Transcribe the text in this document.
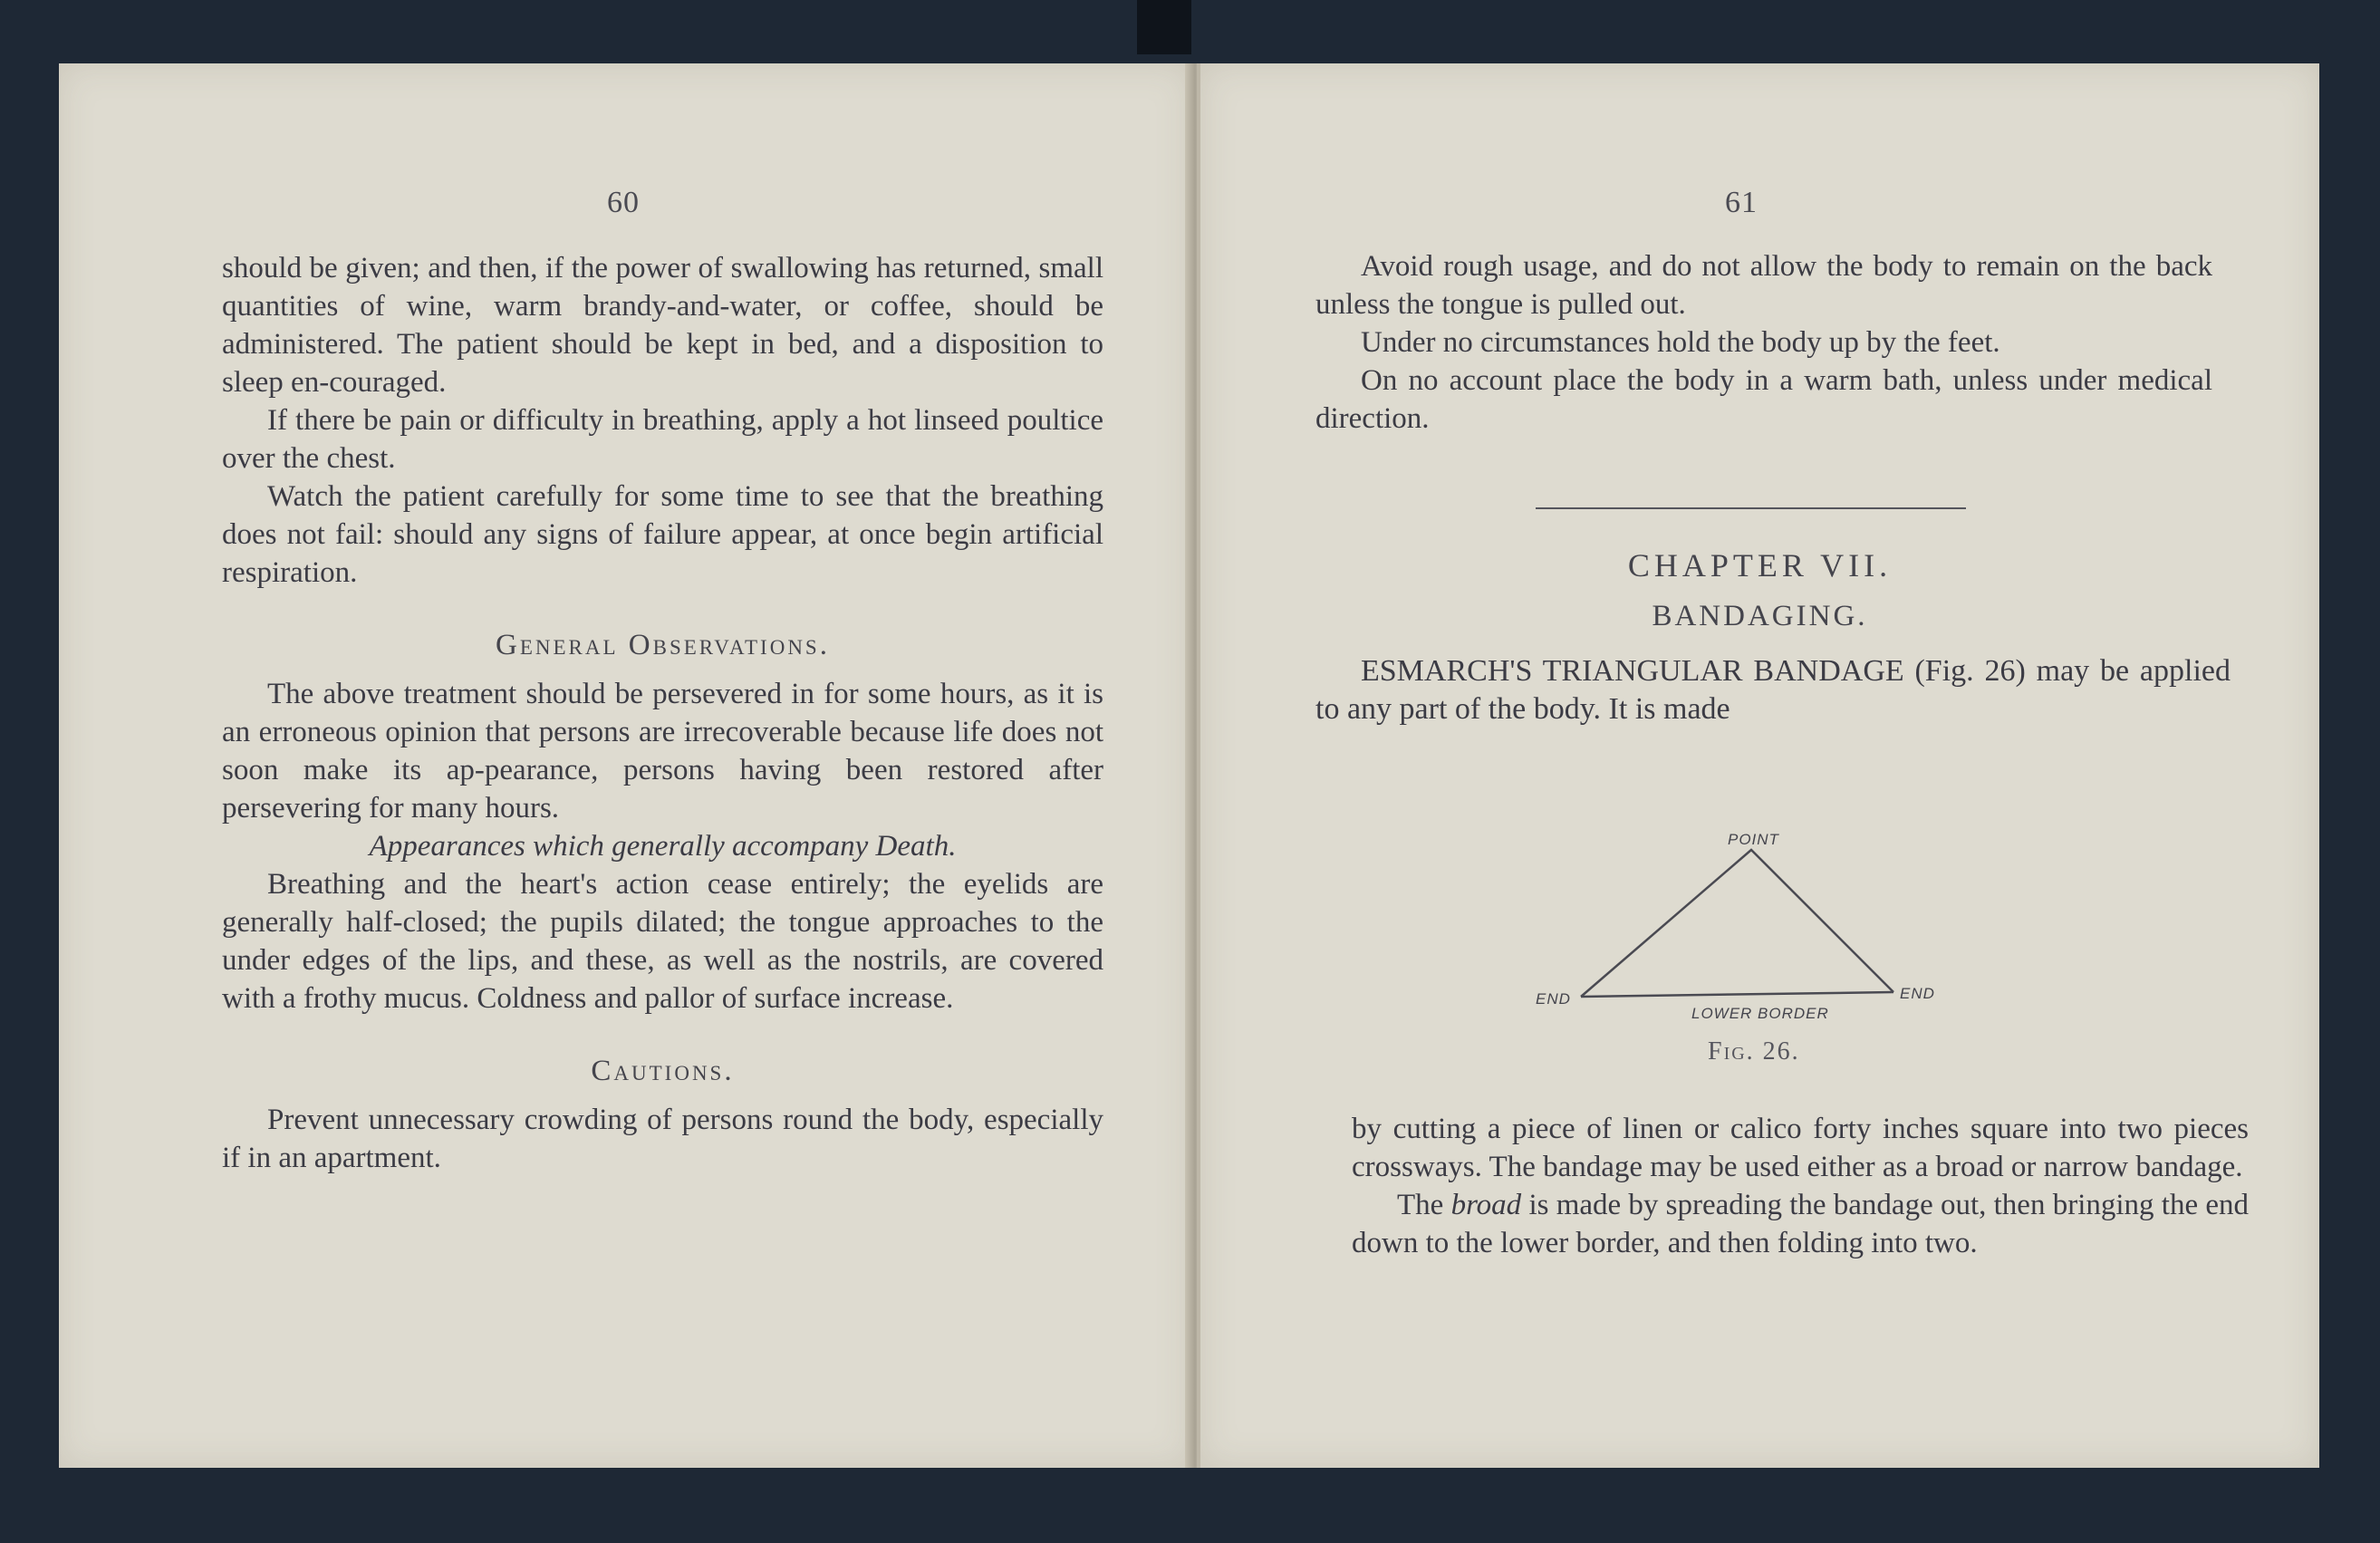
60

should be given; and then, if the power of swallowing has returned, small quantities of wine, warm brandy-and-water, or coffee, should be administered. The patient should be kept in bed, and a disposition to sleep en-couraged.

If there be pain or difficulty in breathing, apply a hot linseed poultice over the chest.

Watch the patient carefully for some time to see that the breathing does not fail: should any signs of failure appear, at once begin artificial respiration.

General Observations.

The above treatment should be persevered in for some hours, as it is an erroneous opinion that persons are irrecoverable because life does not soon make its ap-pearance, persons having been restored after persevering for many hours.

Appearances which generally accompany Death.

Breathing and the heart's action cease entirely; the eyelids are generally half-closed; the pupils dilated; the tongue approaches to the under edges of the lips, and these, as well as the nostrils, are covered with a frothy mucus. Coldness and pallor of surface increase.

Cautions.

Prevent unnecessary crowding of persons round the body, especially if in an apartment.

61

Avoid rough usage, and do not allow the body to remain on the back unless the tongue is pulled out.

Under no circumstances hold the body up by the feet.

On no account place the body in a warm bath, unless under medical direction.

CHAPTER VII.
BANDAGING.

ESMARCH'S TRIANGULAR BANDAGE (Fig. 26) may be applied to any part of the body. It is made

POINT
END	END
LOWER BORDER
Fig. 26.

by cutting a piece of linen or calico forty inches square into two pieces crossways. The bandage may be used either as a broad or narrow bandage.

The broad is made by spreading the bandage out, then bringing the end down to the lower border, and then folding into two.
